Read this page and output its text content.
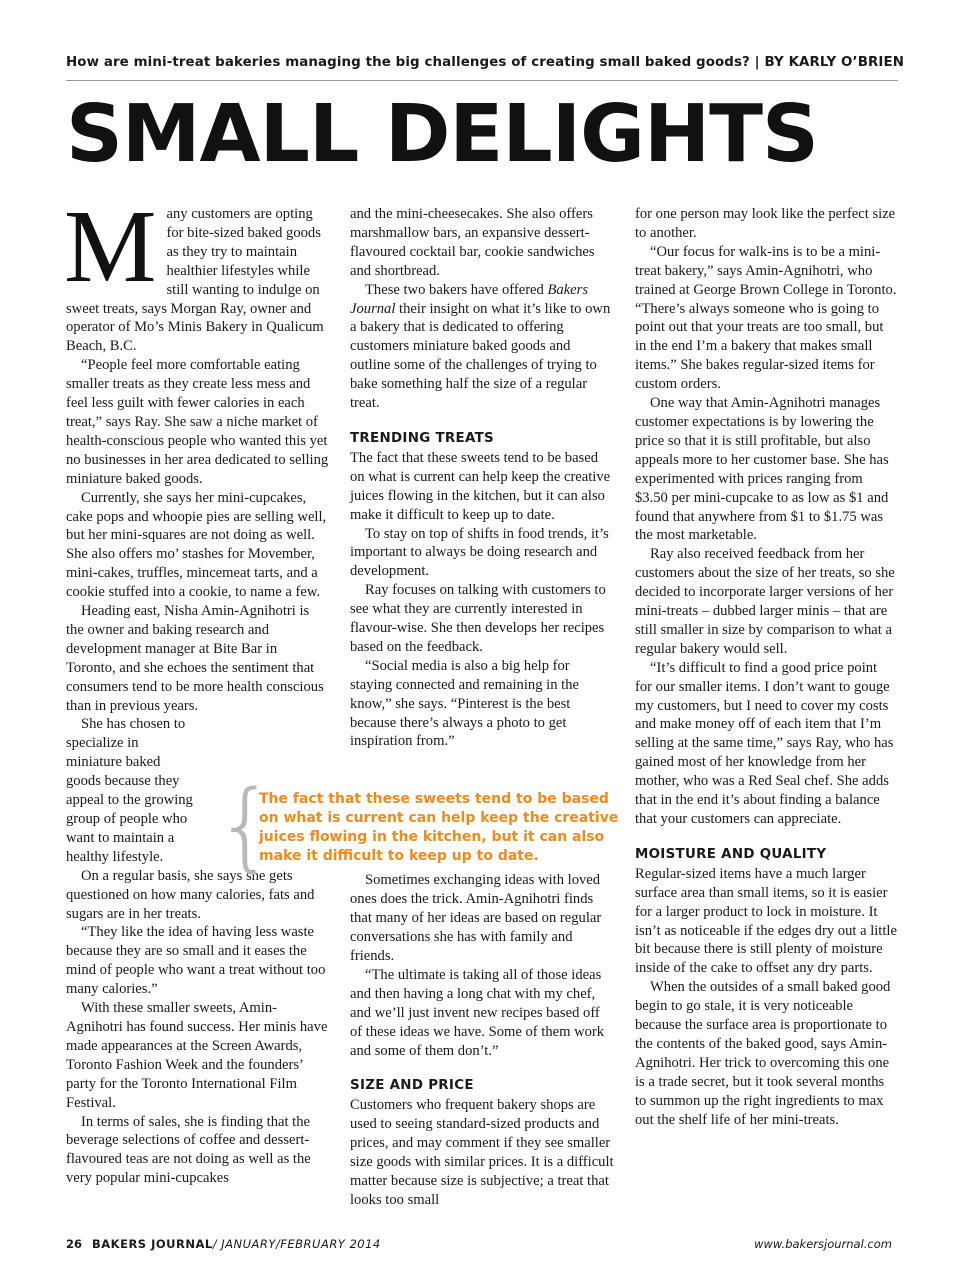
How are mini-treat bakeries managing the big challenges of creating small baked goods? | BY KARLY O’BRIEN
SMALL DELIGHTS

Many customers are opting for bite-sized baked goods as they try to maintain healthier lifestyles while still wanting to indulge on sweet treats, says Morgan Ray, owner and operator of Mo’s Minis Bakery in Qualicum Beach, B.C.

“People feel more comfortable eating smaller treats as they create less mess and feel less guilt with fewer calories in each treat,” says Ray. She saw a niche market of health-conscious people who wanted this yet no businesses in her area dedicated to selling miniature baked goods.

Currently, she says her mini-cupcakes, cake pops and whoopie pies are selling well, but her mini-squares are not doing as well. She also offers mo’ stashes for Movember, mini-cakes, truffles, mincemeat tarts, and a cookie stuffed into a cookie, to name a few.

Heading east, Nisha Amin-Agnihotri is the owner and baking research and development manager at Bite Bar in Toronto, and she echoes the sentiment that consumers tend to be more health conscious than in previous years.

She has chosen to specialize in miniature baked goods because they appeal to the growing group of people who want to maintain a healthy lifestyle.

On a regular basis, she says she gets questioned on how many calories, fats and sugars are in her treats.

“They like the idea of having less waste because they are so small and it eases the mind of people who want a treat without too many calories.”

With these smaller sweets, Amin-Agnihotri has found success. Her minis have made appearances at the Screen Awards, Toronto Fashion Week and the founders’ party for the Toronto International Film Festival.

In terms of sales, she is finding that the beverage selections of coffee and dessert-flavoured teas are not doing as well as the very popular mini-cupcakes

and the mini-cheesecakes. She also offers marshmallow bars, an expansive dessert-flavoured cocktail bar, cookie sandwiches and shortbread.

These two bakers have offered Bakers Journal their insight on what it’s like to own a bakery that is dedicated to offering customers miniature baked goods and outline some of the challenges of trying to bake something half the size of a regular treat.

TRENDING TREATS

The fact that these sweets tend to be based on what is current can help keep the creative juices flowing in the kitchen, but it can also make it difficult to keep up to date.

To stay on top of shifts in food trends, it’s important to always be doing research and development.

Ray focuses on talking with customers to see what they are currently interested in flavour-wise. She then develops her recipes based on the feedback.

“Social media is also a big help for staying connected and remaining in the know,” she says. “Pinterest is the best because there’s always a photo to get inspiration from.”

Sometimes exchanging ideas with loved ones does the trick. Amin-Agnihotri finds that many of her ideas are based on regular conversations she has with family and friends.

“The ultimate is taking all of those ideas and then having a long chat with my chef, and we’ll just invent new recipes based off of these ideas we have. Some of them work and some of them don’t.”

SIZE AND PRICE

Customers who frequent bakery shops are used to seeing standard-sized products and prices, and may comment if they see smaller size goods with similar prices. It is a difficult matter because size is subjective; a treat that looks too small

for one person may look like the perfect size to another.

“Our focus for walk-ins is to be a mini-treat bakery,” says Amin-Agnihotri, who trained at George Brown College in Toronto. “There’s always someone who is going to point out that your treats are too small, but in the end I’m a bakery that makes small items.” She bakes regular-sized items for custom orders.

One way that Amin-Agnihotri manages customer expectations is by lowering the price so that it is still profitable, but also appeals more to her customer base. She has experimented with prices ranging from $3.50 per mini-cupcake to as low as $1 and found that anywhere from $1 to $1.75 was the most marketable.

Ray also received feedback from her customers about the size of her treats, so she decided to incorporate larger versions of her mini-treats – dubbed larger minis – that are still smaller in size by comparison to what a regular bakery would sell.

“It’s difficult to find a good price point for our smaller items. I don’t want to gouge my customers, but I need to cover my costs and make money off of each item that I’m selling at the same time,” says Ray, who has gained most of her knowledge from her mother, who was a Red Seal chef. She adds that in the end it’s about finding a balance that your customers can appreciate.

MOISTURE AND QUALITY

Regular-sized items have a much larger surface area than small items, so it is easier for a larger product to lock in moisture. It isn’t as noticeable if the edges dry out a little bit because there is still plenty of moisture inside of the cake to offset any dry parts.

When the outsides of a small baked good begin to go stale, it is very noticeable because the surface area is proportionate to the contents of the baked good, says Amin-Agnihotri. Her trick to overcoming this one is a trade secret, but it took several months to summon up the right ingredients to max out the shelf life of her mini-treats.

{
The fact that these sweets tend to be based on what is current can help keep the creative juices flowing in the kitchen, but it can also make it difficult to keep up to date.
26 BAKERS JOURNAL/ JANUARY/FEBRUARY 2014	www.bakersjournal.com
